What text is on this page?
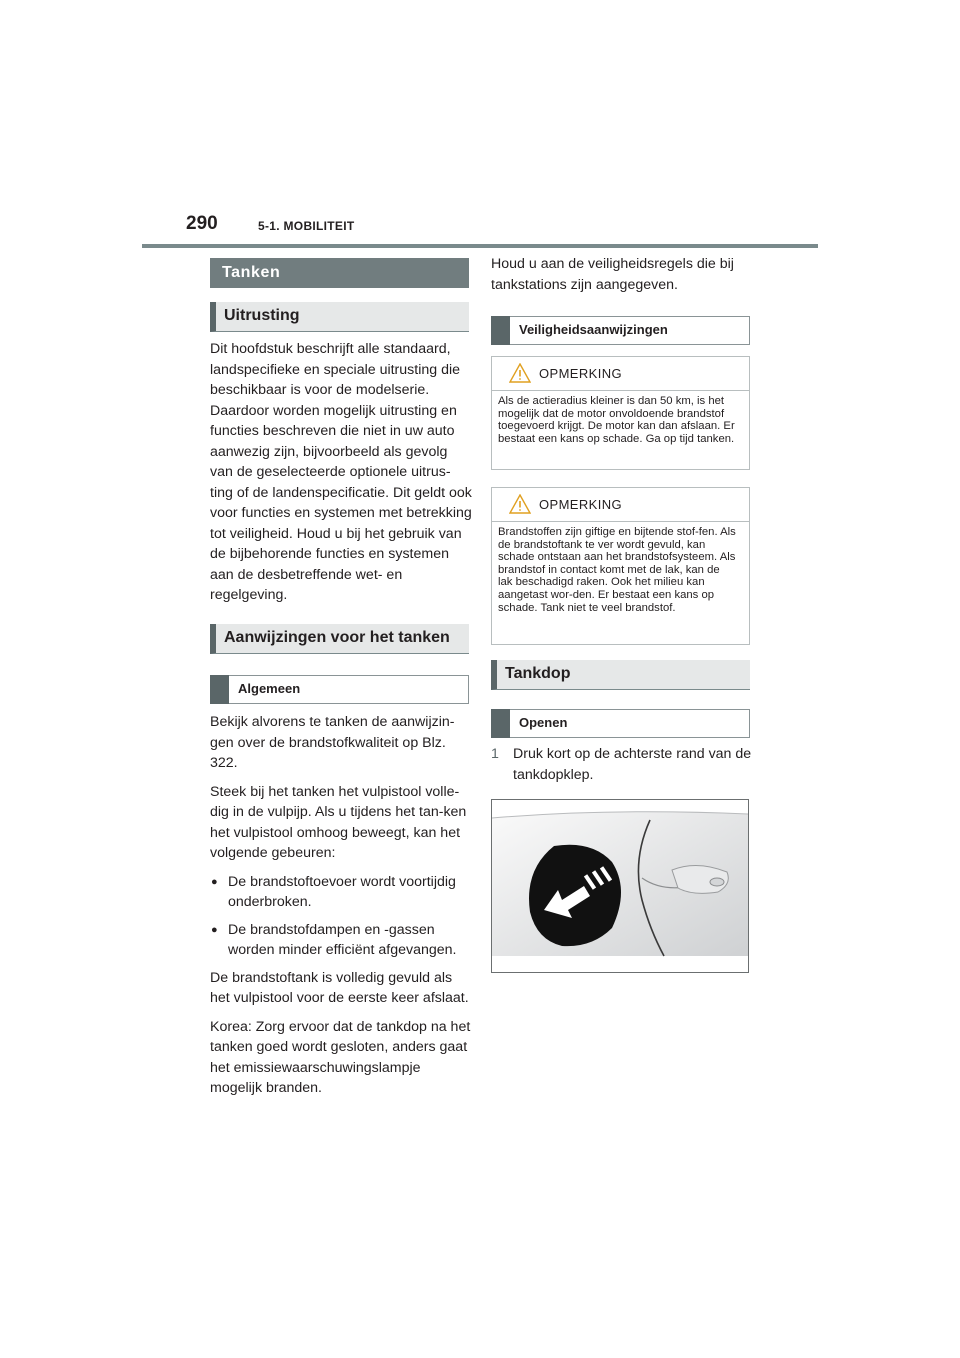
290	5-1. MOBILITEIT
Tanken
Uitrusting

Dit hoofdstuk beschrijft alle standaard, landspecifieke en speciale uitrusting die beschikbaar is voor de modelserie. Daardoor worden mogelijk uitrusting en functies beschreven die niet in uw auto aanwezig zijn, bijvoorbeeld als gevolg van de geselecteerde optionele uitrus-ting of de landenspecificatie. Dit geldt ook voor functies en systemen met betrekking tot veiligheid. Houd u bij het gebruik van de bijbehorende functies en systemen aan de desbetreffende wet- en regelgeving.

Aanwijzingen voor het tanken
Algemeen

Bekijk alvorens te tanken de aanwijzin-gen over de brandstofkwaliteit op Blz. 322.

Steek bij het tanken het vulpistool volle-dig in de vulpijp. Als u tijdens het tan-ken het vulpistool omhoog beweegt, kan het volgende gebeuren:

● De brandstoftoevoer wordt voortijdig onderbroken.
● De brandstofdampen en -gassen worden minder efficiënt afgevangen.

De brandstoftank is volledig gevuld als het vulpistool voor de eerste keer afslaat.

Korea: Zorg ervoor dat de tankdop na het tanken goed wordt gesloten, anders gaat het emissiewaarschuwingslampje mogelijk branden.

Houd u aan de veiligheidsregels die bij tankstations zijn aangegeven.

Veiligheidsaanwijzingen
OPMERKING
Als de actieradius kleiner is dan 50 km, is het mogelijk dat de motor onvoldoende brandstof toegevoerd krijgt. De motor kan dan afslaan. Er bestaat een kans op schade. Ga op tijd tanken.
OPMERKING
Brandstoffen zijn giftige en bijtende stof-fen. Als de brandstoftank te ver wordt gevuld, kan schade ontstaan aan het brandstofsysteem. Als brandstof in contact komt met de lak, kan de lak beschadigd raken. Ook het milieu kan aangetast wor-den. Er bestaat een kans op schade. Tank niet te veel brandstof.
Tankdop
Openen
1 Druk kort op de achterste rand van de tankdopklep.
